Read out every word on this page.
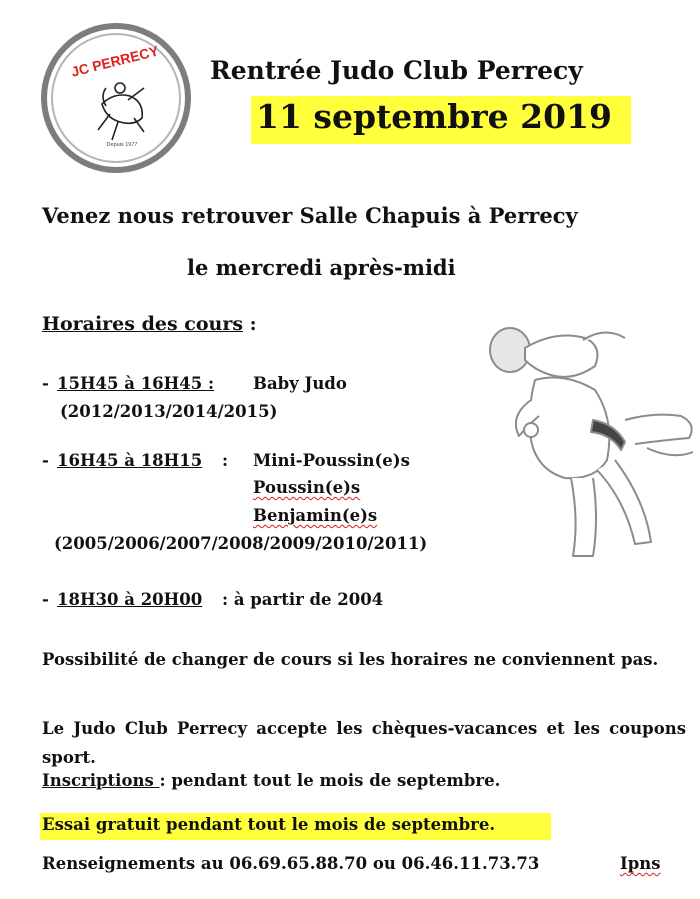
JC PERRECY
Depuis 1977
Rentrée Judo Club Perrecy
11 septembre 2019
Venez nous retrouver Salle Chapuis à Perrecy
le mercredi après-midi
Horaires des cours :
- 15H45 à 16H45 : Baby Judo
(2012/2013/2014/2015)
- 16H45 à 18H15 : Mini-Poussin(e)s
Poussin(e)s
Benjamin(e)s
(2005/2006/2007/2008/2009/2010/2011)
- 18H30 à 20H00 : à partir de 2004
Possibilité de changer de cours si les horaires ne conviennent pas.
Le Judo Club Perrecy accepte les chèques-vacances et les coupons sport.
Inscriptions : pendant tout le mois de septembre.
Essai gratuit pendant tout le mois de septembre.
Renseignements au 06.69.65.88.70 ou 06.46.11.73.73	Ipns
